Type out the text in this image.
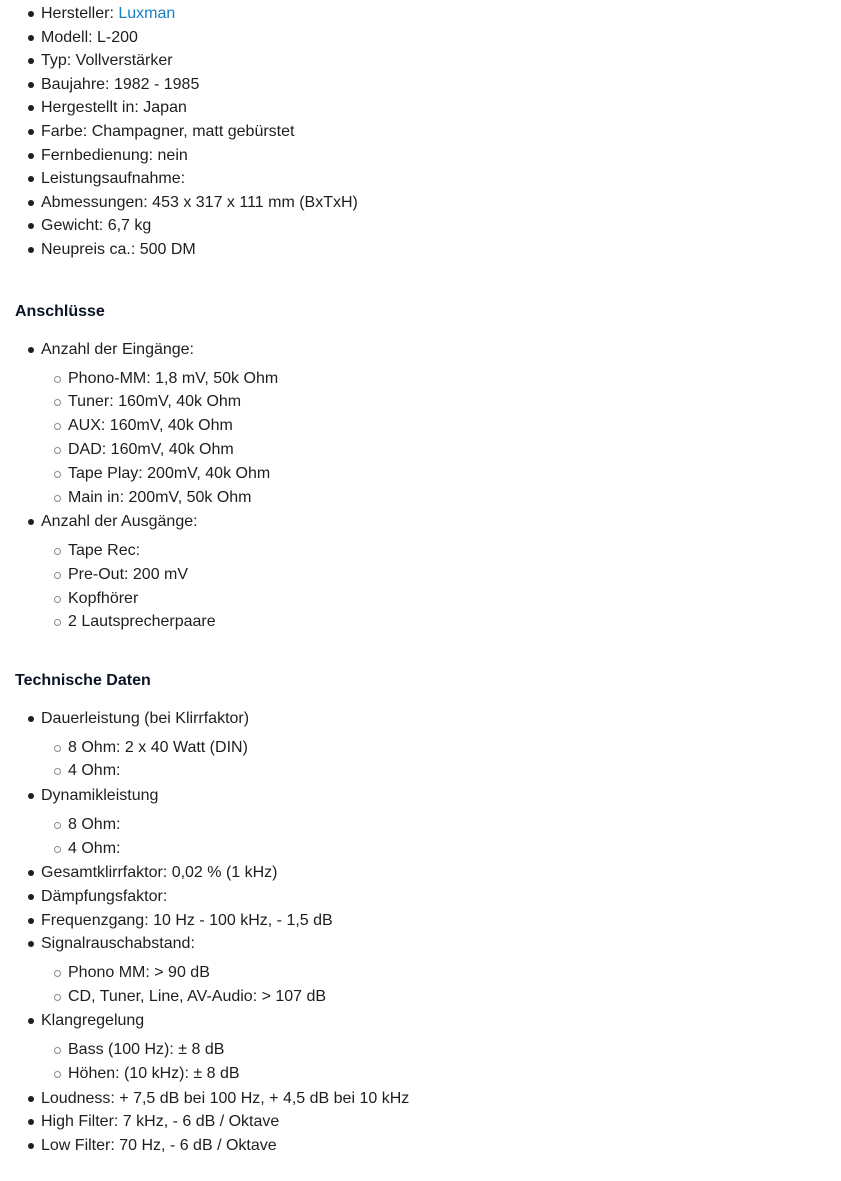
Hersteller: Luxman
Modell: L-200
Typ: Vollverstärker
Baujahre: 1982 - 1985
Hergestellt in: Japan
Farbe: Champagner, matt gebürstet
Fernbedienung: nein
Leistungsaufnahme:
Abmessungen: 453 x 317 x 111 mm (BxTxH)
Gewicht: 6,7 kg
Neupreis ca.: 500 DM
Anschlüsse
Anzahl der Eingänge:
Phono-MM: 1,8 mV, 50k Ohm
Tuner: 160mV, 40k Ohm
AUX: 160mV, 40k Ohm
DAD: 160mV, 40k Ohm
Tape Play: 200mV, 40k Ohm
Main in: 200mV, 50k Ohm
Anzahl der Ausgänge:
Tape Rec:
Pre-Out: 200 mV
Kopfhörer
2 Lautsprecherpaare
Technische Daten
Dauerleistung (bei Klirrfaktor)
8 Ohm: 2 x 40 Watt (DIN)
4 Ohm:
Dynamikleistung
8 Ohm:
4 Ohm:
Gesamtklirrfaktor: 0,02 % (1 kHz)
Dämpfungsfaktor:
Frequenzgang: 10 Hz - 100 kHz, - 1,5 dB
Signalrauschabstand:
Phono MM: > 90 dB
CD, Tuner, Line, AV-Audio: > 107 dB
Klangregelung
Bass (100 Hz): ± 8 dB
Höhen: (10 kHz): ± 8 dB
Loudness: + 7,5 dB bei 100 Hz, + 4,5 dB bei 10 kHz
High Filter: 7 kHz, - 6 dB / Oktave
Low Filter: 70 Hz, - 6 dB / Oktave
